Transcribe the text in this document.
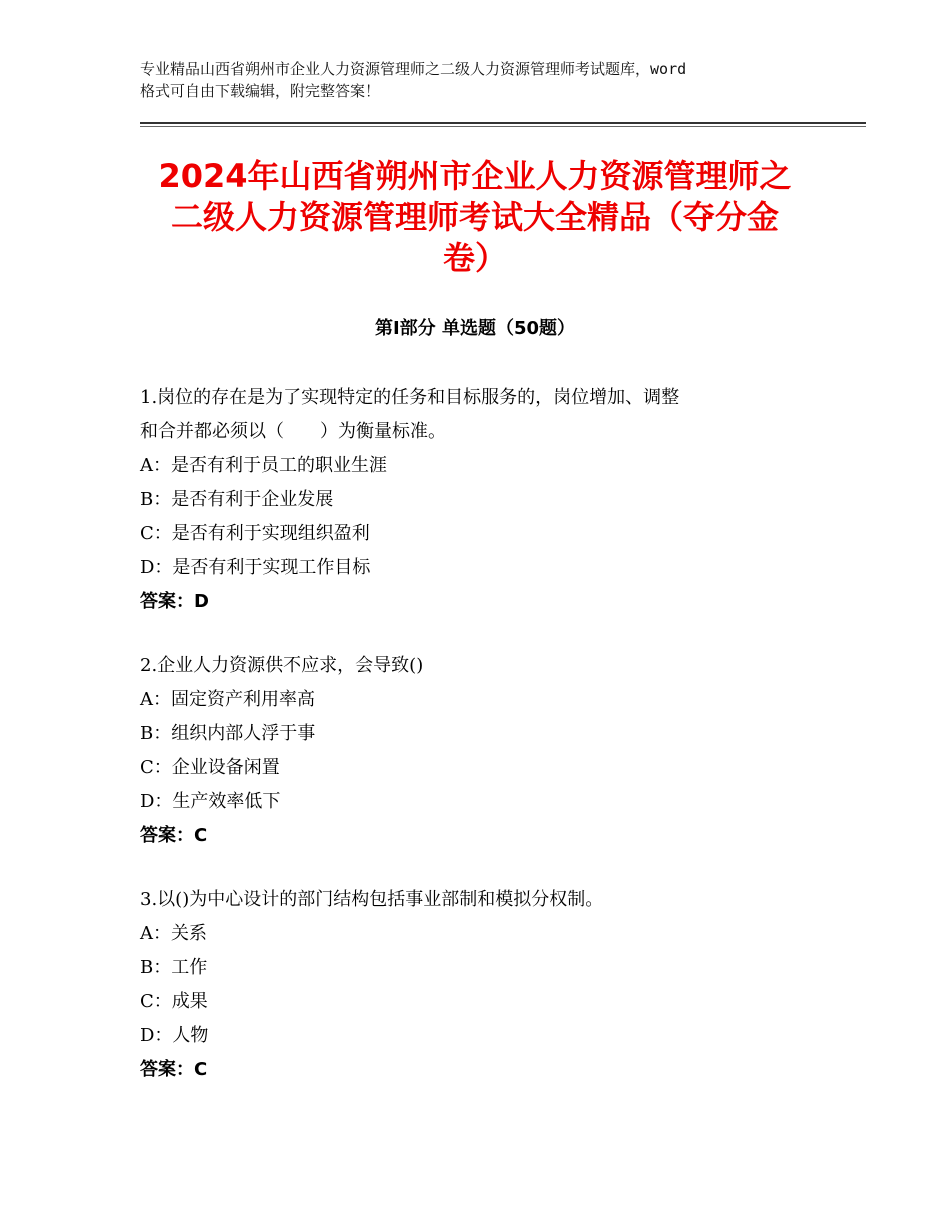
专业精品山西省朔州市企业人力资源管理师之二级人力资源管理师考试题库，word
格式可自由下载编辑，附完整答案！
2024年山西省朔州市企业人力资源管理师之
二级人力资源管理师考试大全精品（夺分金
卷）
第Ⅰ部分 单选题（50题）
1.岗位的存在是为了实现特定的任务和目标服务的，岗位增加、调整
和合并都必须以（　　）为衡量标准。
A：是否有利于员工的职业生涯
B：是否有利于企业发展
C：是否有利于实现组织盈利
D：是否有利于实现工作目标
答案：D
2.企业人力资源供不应求，会导致()
A：固定资产利用率高
B：组织内部人浮于事
C：企业设备闲置
D：生产效率低下
答案：C
3.以()为中心设计的部门结构包括事业部制和模拟分权制。
A：关系
B：工作
C：成果
D：人物
答案：C
